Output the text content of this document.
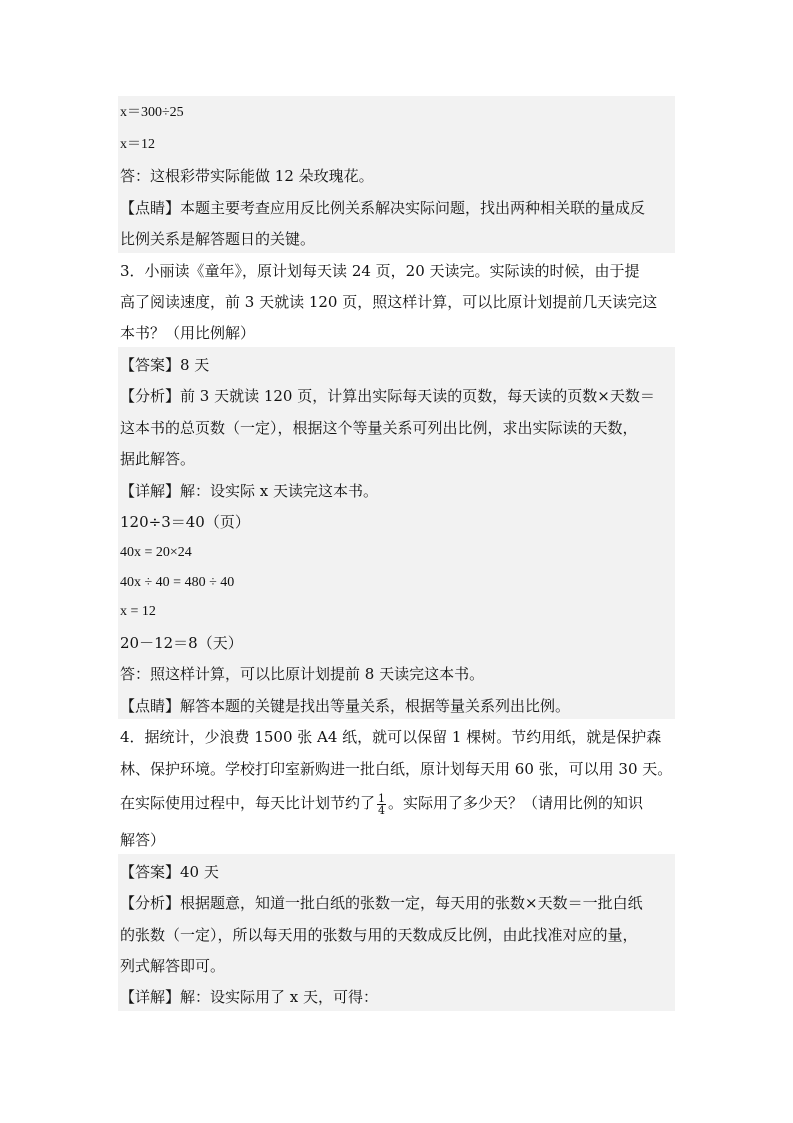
x＝300÷25
x＝12
答：这根彩带实际能做 12 朵玫瑰花。
【点睛】本题主要考查应用反比例关系解决实际问题，找出两种相关联的量成反
比例关系是解答题日的关键。
3．小丽读《童年》，原计划每天读 24 页，20 天读完。实际读的时候，由于提
高了阅读速度，前 3 天就读 120 页，照这样计算，可以比原计划提前几天读完这
本书？（用比例解）
【答案】8 天
【分析】前 3 天就读 120 页，计算出实际每天读的页数，每天读的页数×天数＝
这本书的总页数（一定），根据这个等量关系可列出比例，求出实际读的天数，
据此解答。
【详解】解：设实际 x 天读完这本书。
120÷3＝40（页）
40x = 20×24
40x ÷ 40 = 480 ÷ 40
x = 12
20－12＝8（天）
答：照这样计算，可以比原计划提前 8 天读完这本书。
【点睛】解答本题的关键是找出等量关系，根据等量关系列出比例。
4．据统计，少浪费 1500 张 A4 纸，就可以保留 1 棵树。节约用纸，就是保护森
林、保护环境。学校打印室新购进一批白纸，原计划每天用 60 张，可以用 30 天。
解答）
【答案】40 天
【分析】根据题意，知道一批白纸的张数一定，每天用的张数×天数＝一批白纸
的张数（一定），所以每天用的张数与用的天数成反比例，由此找准对应的量，
列式解答即可。
【详解】解：设实际用了 x 天，可得：
在实际使用过程中，每天比计划节约了 $\frac{1}{4}$ 。实际用了多少天？（请用比例的知识
